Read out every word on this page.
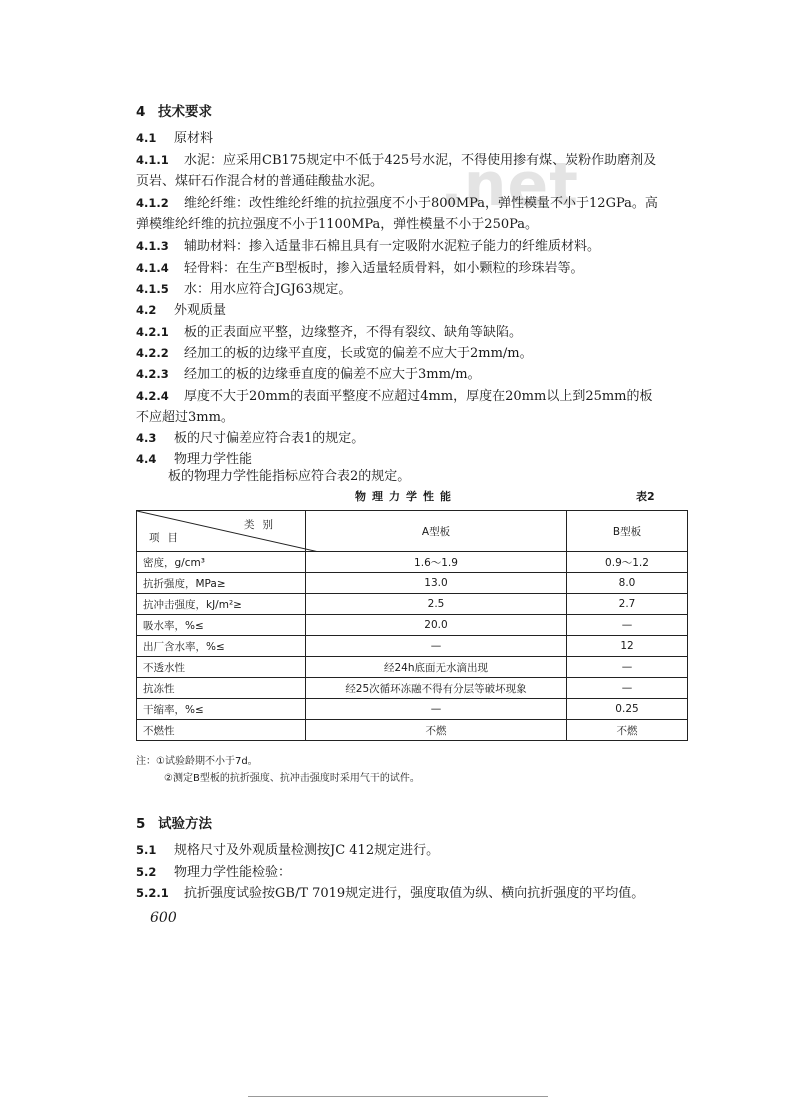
.net
4 技术要求
4.1 原材料
4.1.1 水泥：应采用CB175规定中不低于425号水泥，不得使用掺有煤、炭粉作助磨剂及
页岩、煤矸石作混合材的普通硅酸盐水泥。
4.1.2 维纶纤维：改性维纶纤维的抗拉强度不小于800MPa，弹性模量不小于12GPa。高
弹模维纶纤维的抗拉强度不小于1100MPa，弹性模量不小于250Pa。
4.1.3 辅助材料：掺入适量非石棉且具有一定吸附水泥粒子能力的纤维质材料。
4.1.4 轻骨料：在生产B型板时，掺入适量轻质骨料，如小颗粒的珍珠岩等。
4.1.5 水：用水应符合JGJ63规定。
4.2 外观质量
4.2.1 板的正表面应平整，边缘整齐，不得有裂纹、缺角等缺陷。
4.2.2 经加工的板的边缘平直度，长或宽的偏差不应大于2mm/m。
4.2.3 经加工的板的边缘垂直度的偏差不应大于3mm/m。
4.2.4 厚度不大于20mm的表面平整度不应超过4mm，厚度在20mm以上到25mm的板
不应超过3mm。
4.3 板的尺寸偏差应符合表1的规定。
4.4 物理力学性能
板的物理力学性能指标应符合表2的规定。
物理力学性能	表2
类别
项目	A型板	B型板
密度，g/cm³	1.6～1.9	0.9～1.2
抗折强度，MPa≥	13.0	8.0
抗冲击强度，kJ/m²≥	2.5	2.7
吸水率，%≤	20.0	—
出厂含水率，%≤	—	12
不透水性	经24h底面无水滴出现	—
抗冻性	经25次循环冻融不得有分层等破坏现象	—
干缩率，%≤	—	0.25
不燃性	不燃	不燃
注：①试验龄期不小于7d。
②测定B型板的抗折强度、抗冲击强度时采用气干的试件。
5 试验方法
5.1 规格尺寸及外观质量检测按JC 412规定进行。
5.2 物理力学性能检验：
5.2.1 抗折强度试验按GB/T 7019规定进行，强度取值为纵、横向抗折强度的平均值。
600
